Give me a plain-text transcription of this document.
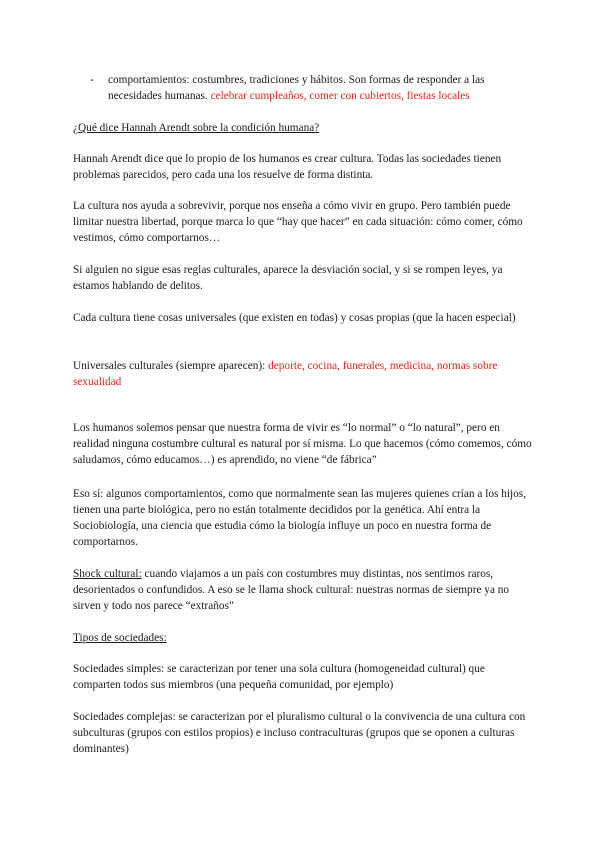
-	comportamientos: costumbres, tradiciones y hábitos. Son formas de responder a las necesidades humanas. celebrar cumpleaños, comer con cubiertos, fiestas locales

¿Qué dice Hannah Arendt sobre la condición humana?

Hannah Arendt dice que lo propio de los humanos es crear cultura. Todas las sociedades tienen problemas parecidos, pero cada una los resuelve de forma distinta.

La cultura nos ayuda a sobrevivir, porque nos enseña a cómo vivir en grupo. Pero también puede limitar nuestra libertad, porque marca lo que “hay que hacer” en cada situación: cómo comer, cómo vestimos, cómo comportarnos…

Si alguien no sigue esas reglas culturales, aparece la desviación social, y si se rompen leyes, ya estamos hablando de delitos.

Cada cultura tiene cosas universales (que existen en todas) y cosas propias (que la hacen especial)

Universales culturales (siempre aparecen): deporte, cocina, funerales, medicina, normas sobre sexualidad

Los humanos solemos pensar que nuestra forma de vivir es “lo normal” o “lo natural”, pero en realidad ninguna costumbre cultural es natural por sí misma. Lo que hacemos (cómo comemos, cómo saludamos, cómo educamos…) es aprendido, no viene “de fábrica”

Eso sí: algunos comportamientos, como que normalmente sean las mujeres quienes crían a los hijos, tienen una parte biológica, pero no están totalmente decididos por la genética. Ahí entra la Sociobiología, una ciencia que estudia cómo la biología influye un poco en nuestra forma de comportarnos.

Shock cultural: cuando viajamos a un país con costumbres muy distintas, nos sentimos raros, desorientados o confundidos. A eso se le llama shock cultural: nuestras normas de siempre ya no sirven y todo nos parece “extraños”

Tipos de sociedades:

Sociedades simples: se caracterizan por tener una sola cultura (homogeneidad cultural) que comparten todos sus miembros (una pequeña comunidad, por ejemplo)

Sociedades complejas: se caracterizan por el pluralismo cultural o la convivencia de una cultura con subculturas (grupos con estilos propios) e incluso contraculturas (grupos que se oponen a culturas dominantes)
